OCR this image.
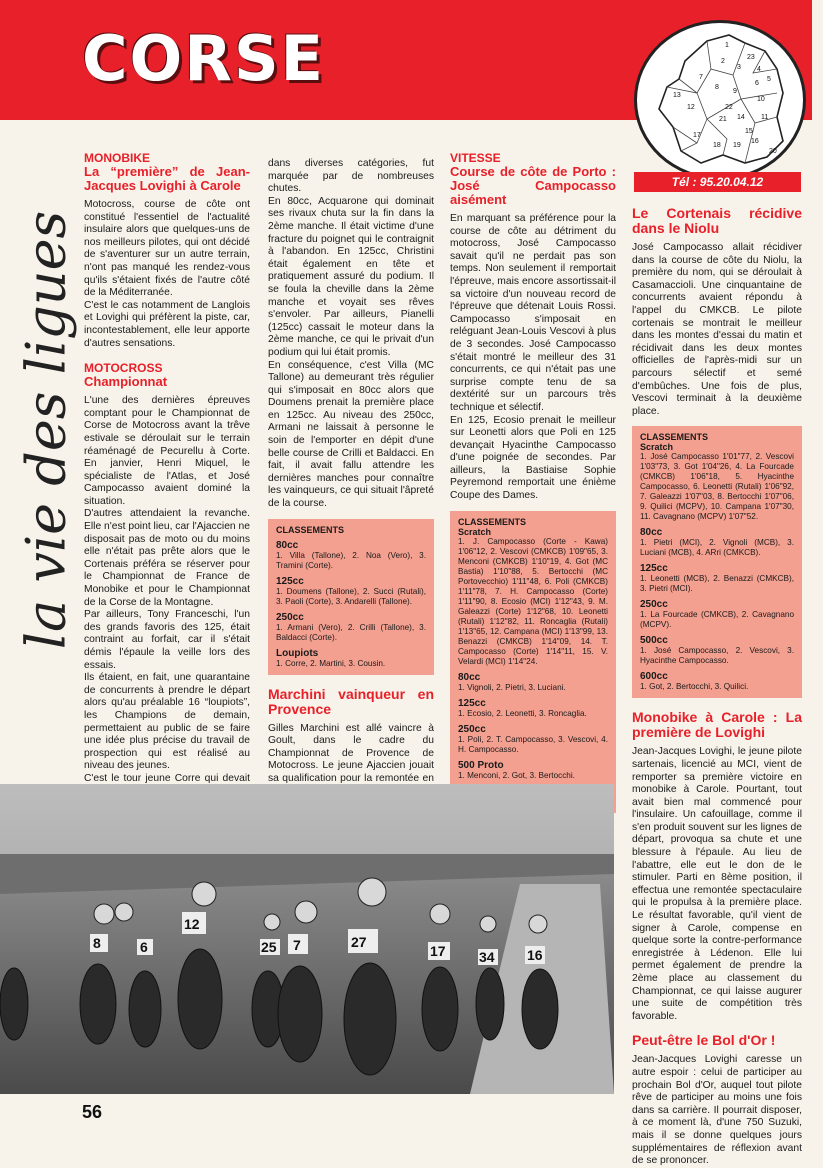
CORSE	1
23
2
3 4
5
6
7
8
9
10
11
12
13
14
15
16
17
18 19
20
21
22
Tél : 95.20.04.12
la vie des ligues
MONOBIKE
La “première” de Jean-Jacques Lovighi à Carole

Motocross, course de côte ont constitué l'essentiel de l'actualité insulaire alors que quelques-uns de nos meilleurs pilotes, qui ont décidé de s'aventurer sur un autre terrain, n'ont pas manqué les rendez-vous qu'ils s'étaient fixés de l'autre côté de la Méditerranée.

C'est le cas notamment de Langlois et Lovighi qui préfèrent la piste, car, incontestablement, elle leur apporte d'autres sensations.

MOTOCROSS
Championnat

L'une des dernières épreuves comptant pour le Championnat de Corse de Motocross avant la trêve estivale se déroulait sur le terrain réaménagé de Pecurellu à Corte. En janvier, Henri Miquel, le spécialiste de l'Atlas, et José Campocasso avaient dominé la situation.

D'autres attendaient la revanche. Elle n'est point lieu, car l'Ajaccien ne disposait pas de moto ou du moins elle n'était pas prête alors que le Cortenais préféra se réserver pour le Championnat de France de Monobike et pour le Championnat de la Corse de la Montagne.

Par ailleurs, Tony Franceschi, l'un des grands favoris des 125, était contraint au forfait, car il s'était démis l'épaule la veille lors des essais.

Ils étaient, en fait, une quarantaine de concurrents à prendre le départ alors qu'au préalable 16 “loupiots”, les Champions de demain, permettaient au public de se faire une idée plus précise du travail de prospection qui est réalisé au niveau des jeunes.

C'est le tour jeune Corre qui devait

dans diverses catégories, fut marquée par de nombreuses chutes.

En 80cc, Acquarone qui dominait ses rivaux chuta sur la fin dans la 2ème manche. Il était victime d'une fracture du poignet qui le contraignit à l'abandon. En 125cc, Christini était également en tête et pratiquement assuré du podium. Il se foula la cheville dans la 2ème manche et voyait ses rêves s'envoler. Par ailleurs, Pianelli (125cc) cassait le moteur dans la 2ème manche, ce qui le privait d'un podium qui lui était promis.

En conséquence, c'est Villa (MC Tallone) au demeurant très régulier qui s'imposait en 80cc alors que Doumens prenait la première place en 125cc. Au niveau des 250cc, Armani ne laissait à personne le soin de l'emporter en dépit d'une belle course de Crilli et Baldacci. En fait, il avait fallu attendre les dernières manches pour connaître les vainqueurs, ce qui situait l'âpreté de la course.

CLASSEMENTS
80cc
1. Villa (Tallone), 2. Noa (Vero), 3. Tramini (Corte).
125cc
1. Doumens (Tallone), 2. Succi (Rutali), 3. Paoli (Corte), 3. Andarelli (Tallone).
250cc
1. Armani (Vero), 2. Crilli (Tallone), 3. Baldacci (Corte).
Loupiots
1. Corre, 2. Martini, 3. Cousin.
Marchini vainqueur en Provence

Gilles Marchini est allé vaincre à Goult, dans le cadre du Championnat de Provence de Motocross. Le jeune Ajaccien jouait sa qualification pour la remontée en

VITESSE
Course de côte de Porto : José Campocasso aisément

En marquant sa préférence pour la course de côte au détriment du motocross, José Campocasso savait qu'il ne perdait pas son temps. Non seulement il remportait l'épreuve, mais encore assortissait-il sa victoire d'un nouveau record de l'épreuve que détenait Louis Rossi. Campocasso s'imposait en reléguant Jean-Louis Vescovi à plus de 3 secondes. José Campocasso s'était montré le meilleur des 31 concurrents, ce qui n'était pas une surprise compte tenu de sa dextérité sur un parcours très technique et sélectif.

En 125, Ecosio prenait le meilleur sur Leonetti alors que Poli en 125 devançait Hyacinthe Campocasso d'une poignée de secondes. Par ailleurs, la Bastiaise Sophie Peyremond remportait une énième Coupe des Dames.

CLASSEMENTS
Scratch
1. J. Campocasso (Corte - Kawa) 1'06"12, 2. Vescovi (CMKCB) 1'09"65, 3. Menconi (CMKCB) 1'10"19, 4. Got (MC Bastia) 1'10"88, 5. Bertocchi (MC Portovecchio) 1'11"48, 6. Poli (CMKCB) 1'11"78, 7. H. Campocasso (Corte) 1'11"90, 8. Ecosio (MCI) 1'12"43, 9. M. Galeazzi (Corte) 1'12"68, 10. Leonetti (Rutali) 1'12"82, 11. Roncaglia (Rutali) 1'13"65, 12. Campana (MCI) 1'13"99, 13. Benazzi (CMKCB) 1'14"09, 14. T. Campocasso (Corte) 1'14"11, 15. V. Velardi (MCI) 1'14"24.
80cc
1. Vignoli, 2. Pietri, 3. Luciani.
125cc
1. Ecosio, 2. Leonetti, 3. Roncaglia.
250cc
1. Poli, 2. T. Campocasso, 3. Vescovi, 4. H. Campocasso.
500 Proto
1. Menconi, 2. Got, 3. Bertocchi.
Le Cortenais récidive dans le Niolu

José Campocasso allait récidiver dans la course de côte du Niolu, la première du nom, qui se déroulait à Casamaccioli. Une cinquantaine de concurrents avaient répondu à l'appel du CMKCB. Le pilote cortenais se montrait le meilleur dans les montes d'essai du matin et récidivait dans les deux montes officielles de l'après-midi sur un parcours sélectif et semé d'embûches. Une fois de plus, Vescovi terminait à la deuxième place.

CLASSEMENTS
Scratch
1. José Campocasso 1'01"77, 2. Vescovi 1'03"73, 3. Got 1'04"26, 4. La Fourcade (CMKCB) 1'06"18, 5. Hyacinthe Campocasso, 6. Leonetti (Rutali) 1'06"92, 7. Galeazzi 1'07"03, 8. Bertocchi 1'07"06, 9. Quilici (MCPV), 10. Campana 1'07"30, 11. Cavagnano (MCPV) 1'07"52.
80cc
1. Pietri (MCI), 2. Vignoli (MCB), 3. Luciani (MCB), 4. ARri (CMKCB).
125cc
1. Leonetti (MCB), 2. Benazzi (CMKCB), 3. Pietri (MCI).
250cc
1. La Fourcade (CMKCB), 2. Cavagnano (MCPV).
500cc
1. José Campocasso, 2. Vescovi, 3. Hyacinthe Campocasso.
600cc
1. Got, 2. Bertocchi, 3. Quilici.
Monobike à Carole : La première de Lovighi

Jean-Jacques Lovighi, le jeune pilote sartenais, licencié au MCI, vient de remporter sa première victoire en monobike à Carole. Pourtant, tout avait bien mal commencé pour l'insulaire. Un cafouillage, comme il s'en produit souvent sur les lignes de départ, provoqua sa chute et une blessure à l'épaule. Au lieu de l'abattre, elle eut le don de le stimuler. Parti en 8ème position, il effectua une remontée spectaculaire qui le propulsa à la première place. Le résultat favorable, qu'il vient de signer à Carole, compense en quelque sorte la contre-performance enregistrée à Lédenon. Elle lui permet également de prendre la 2ème place au classement du Championnat, ce qui laisse augurer une suite de compétition très favorable.

Peut-être le Bol d'Or !

Jean-Jacques Lovighi caresse un autre espoir : celui de participer au prochain Bol d'Or, auquel tout pilote rêve de participer au moins une fois dans sa carrière. Il pourrait disposer, à ce moment là, d'une 750 Suzuki, mais il se donne quelques jours supplémentaires de réflexion avant de se prononcer.

8
12
6	25 7	27
17 34 16
56
